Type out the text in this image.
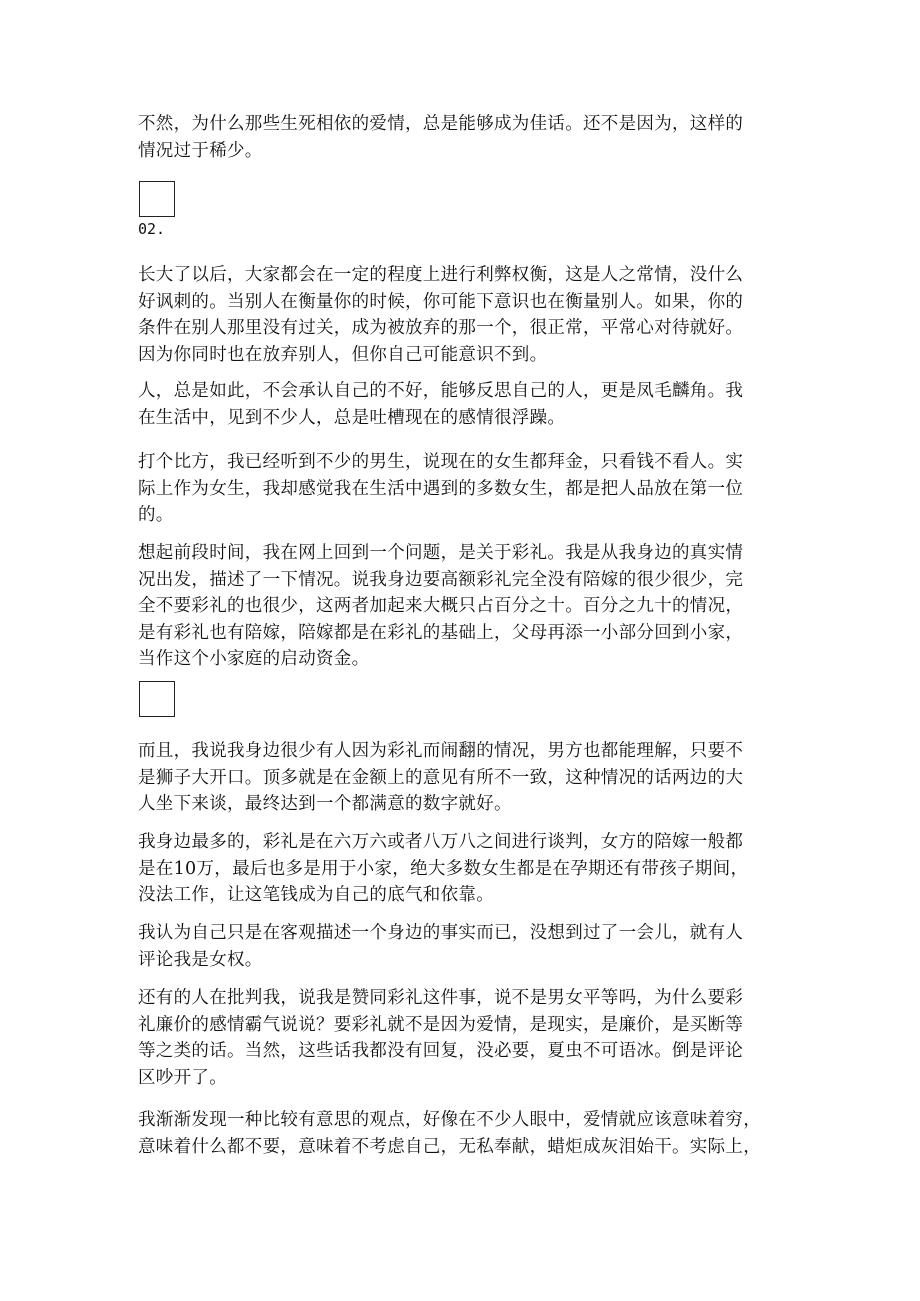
不然，为什么那些生死相依的爱情，总是能够成为佳话。还不是因为，这样的
情况过于稀少。

02.

长大了以后，大家都会在一定的程度上进行利弊权衡，这是人之常情，没什么
好讽刺的。当别人在衡量你的时候，你可能下意识也在衡量别人。如果，你的
条件在别人那里没有过关，成为被放弃的那一个，很正常，平常心对待就好。
因为你同时也在放弃别人，但你自己可能意识不到。

人，总是如此，不会承认自己的不好，能够反思自己的人，更是凤毛麟角。我
在生活中，见到不少人，总是吐槽现在的感情很浮躁。

打个比方，我已经听到不少的男生，说现在的女生都拜金，只看钱不看人。实
际上作为女生，我却感觉我在生活中遇到的多数女生，都是把人品放在第一位
的。

想起前段时间，我在网上回到一个问题，是关于彩礼。我是从我身边的真实情
况出发，描述了一下情况。说我身边要高额彩礼完全没有陪嫁的很少很少，完
全不要彩礼的也很少，这两者加起来大概只占百分之十。百分之九十的情况，
是有彩礼也有陪嫁，陪嫁都是在彩礼的基础上，父母再添一小部分回到小家，
当作这个小家庭的启动资金。

而且，我说我身边很少有人因为彩礼而闹翻的情况，男方也都能理解，只要不
是狮子大开口。顶多就是在金额上的意见有所不一致，这种情况的话两边的大
人坐下来谈，最终达到一个都满意的数字就好。

我身边最多的，彩礼是在六万六或者八万八之间进行谈判，女方的陪嫁一般都
是在10万，最后也多是用于小家，绝大多数女生都是在孕期还有带孩子期间，
没法工作，让这笔钱成为自己的底气和依靠。

我认为自己只是在客观描述一个身边的事实而已，没想到过了一会儿，就有人
评论我是女权。

还有的人在批判我，说我是赞同彩礼这件事，说不是男女平等吗，为什么要彩
礼廉价的感情霸气说说？要彩礼就不是因为爱情，是现实，是廉价，是买断等
等之类的话。当然，这些话我都没有回复，没必要，夏虫不可语冰。倒是评论
区吵开了。

我渐渐发现一种比较有意思的观点，好像在不少人眼中，爱情就应该意味着穷，
意味着什么都不要，意味着不考虑自己，无私奉献，蜡炬成灰泪始干。实际上，
